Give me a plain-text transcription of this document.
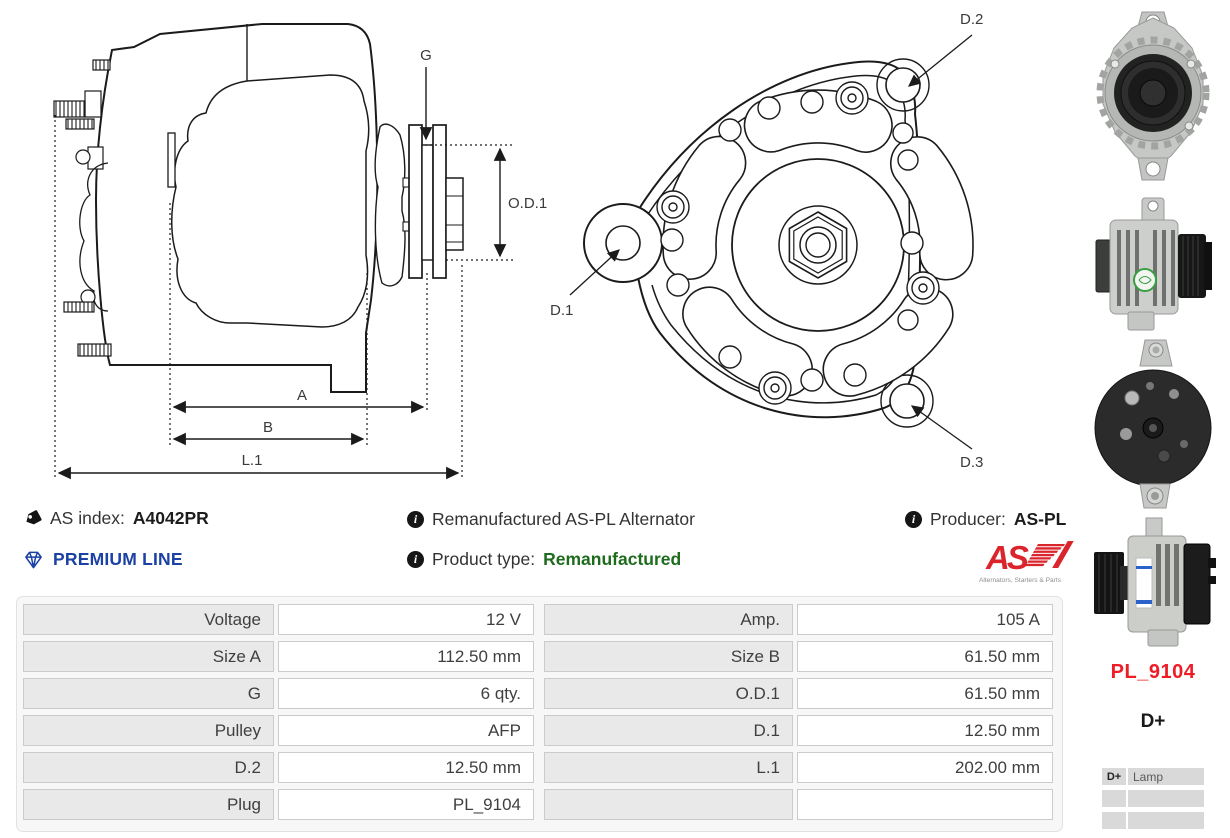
G
O.D.1
A
B
L.1
D.2
D.1
D.3
AS index: A4042PR
PREMIUM LINE
i Remanufactured AS-PL Alternator
i Product type: Remanufactured
i Producer: AS-PL
AS
Alternators, Starters & Parts
Voltage	12 V	Amp.	105 A
Size A	112.50 mm	Size B	61.50 mm
G	6 qty.	O.D.1	61.50 mm
Pulley	AFP	D.1	12.50 mm
D.2	12.50 mm	L.1	202.00 mm
Plug	PL_9104
PL_9104
D+
D+ Lamp
